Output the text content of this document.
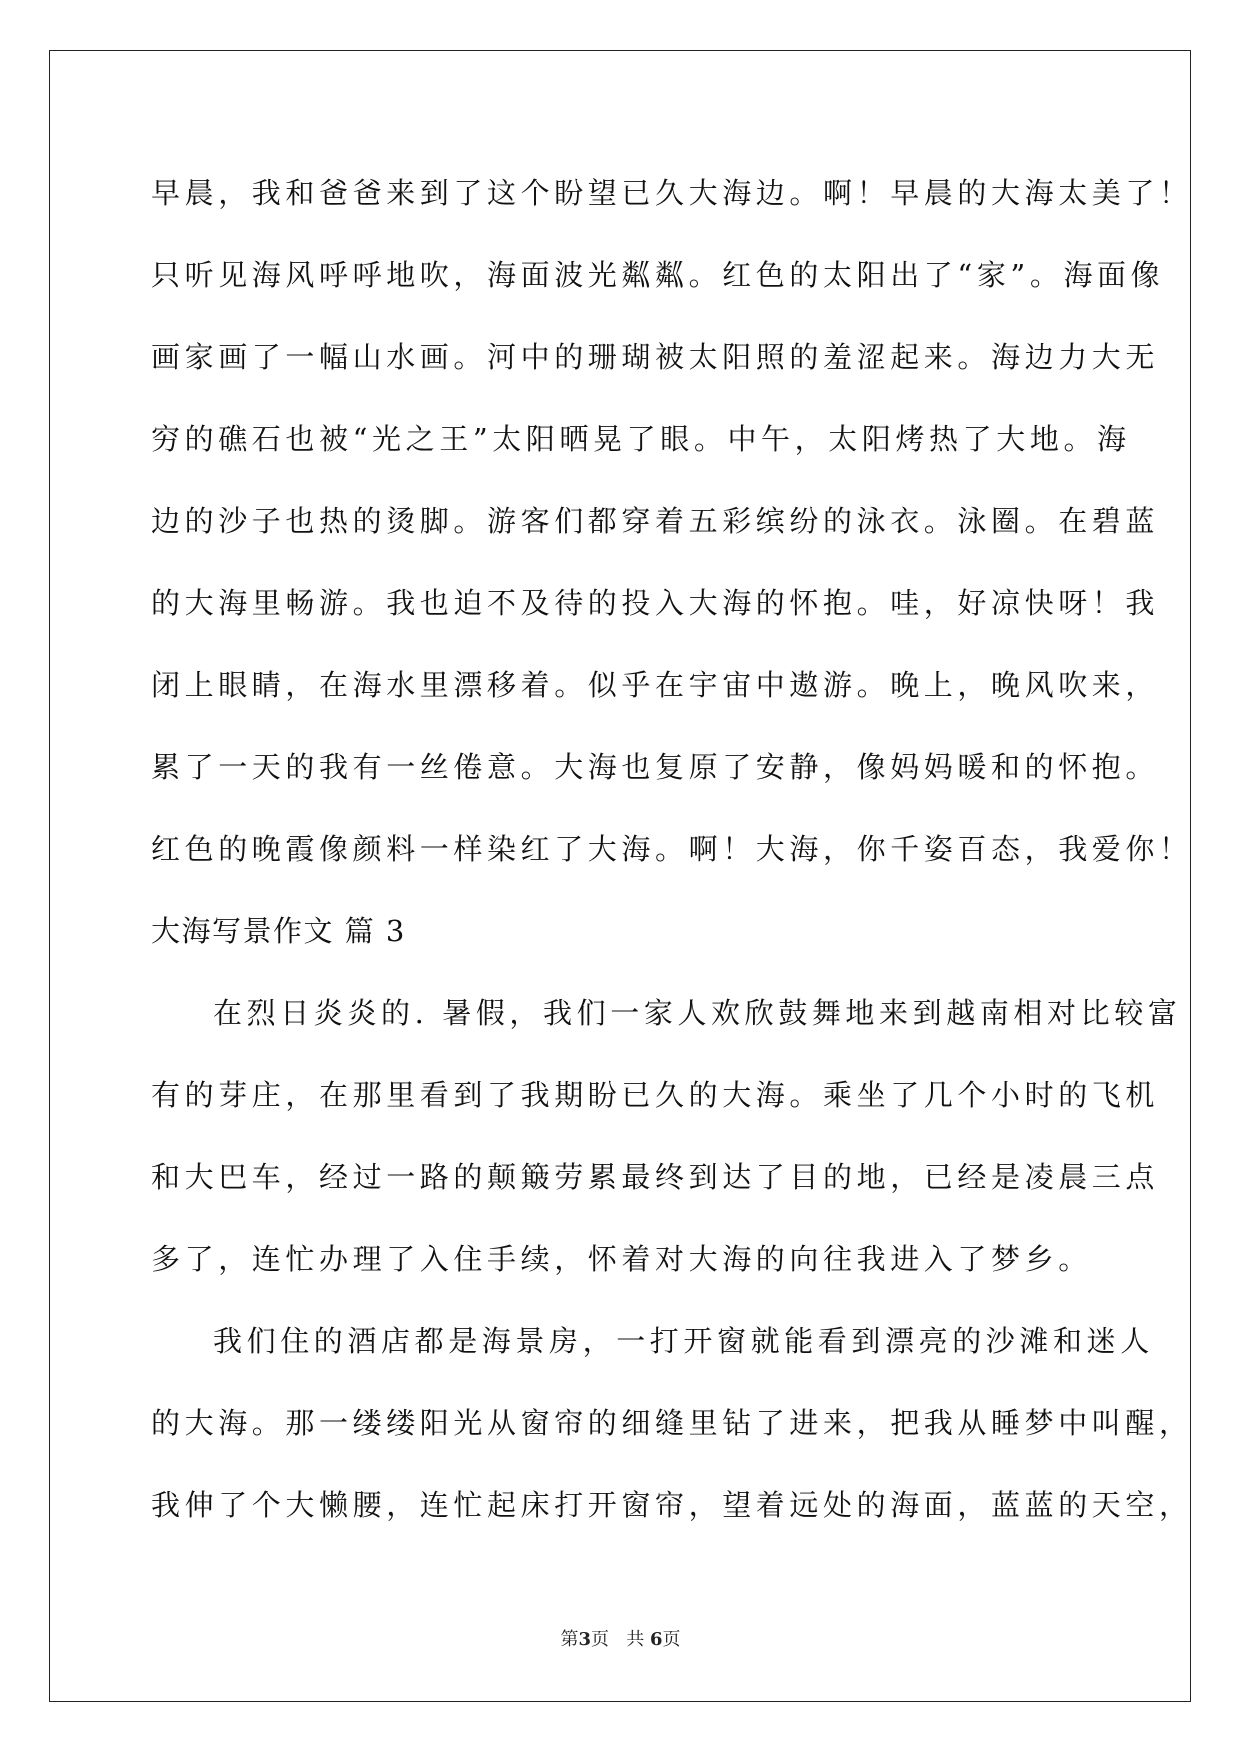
早晨，我和爸爸来到了这个盼望已久大海边。啊！早晨的大海太美了！
只听见海风呼呼地吹，海面波光粼粼。红色的太阳出了“家”。海面像
画家画了一幅山水画。河中的珊瑚被太阳照的羞涩起来。海边力大无
穷的礁石也被“光之王”太阳晒晃了眼。中午，太阳烤热了大地。海
边的沙子也热的烫脚。游客们都穿着五彩缤纷的泳衣。泳圈。在碧蓝
的大海里畅游。我也迫不及待的投入大海的怀抱。哇，好凉快呀！我
闭上眼睛，在海水里漂移着。似乎在宇宙中遨游。晚上，晚风吹来，
累了一天的我有一丝倦意。大海也复原了安静，像妈妈暖和的怀抱。
红色的晚霞像颜料一样染红了大海。啊！大海，你千姿百态，我爱你！
大海写景作文 篇 3
在烈日炎炎的. 暑假，我们一家人欢欣鼓舞地来到越南相对比较富
有的芽庄，在那里看到了我期盼已久的大海。乘坐了几个小时的飞机
和大巴车，经过一路的颠簸劳累最终到达了目的地，已经是凌晨三点
多了，连忙办理了入住手续，怀着对大海的向往我进入了梦乡。
我们住的酒店都是海景房，一打开窗就能看到漂亮的沙滩和迷人
的大海。那一缕缕阳光从窗帘的细缝里钻了进来，把我从睡梦中叫醒，
我伸了个大懒腰，连忙起床打开窗帘，望着远处的海面，蓝蓝的天空，
第3页 共 6页
